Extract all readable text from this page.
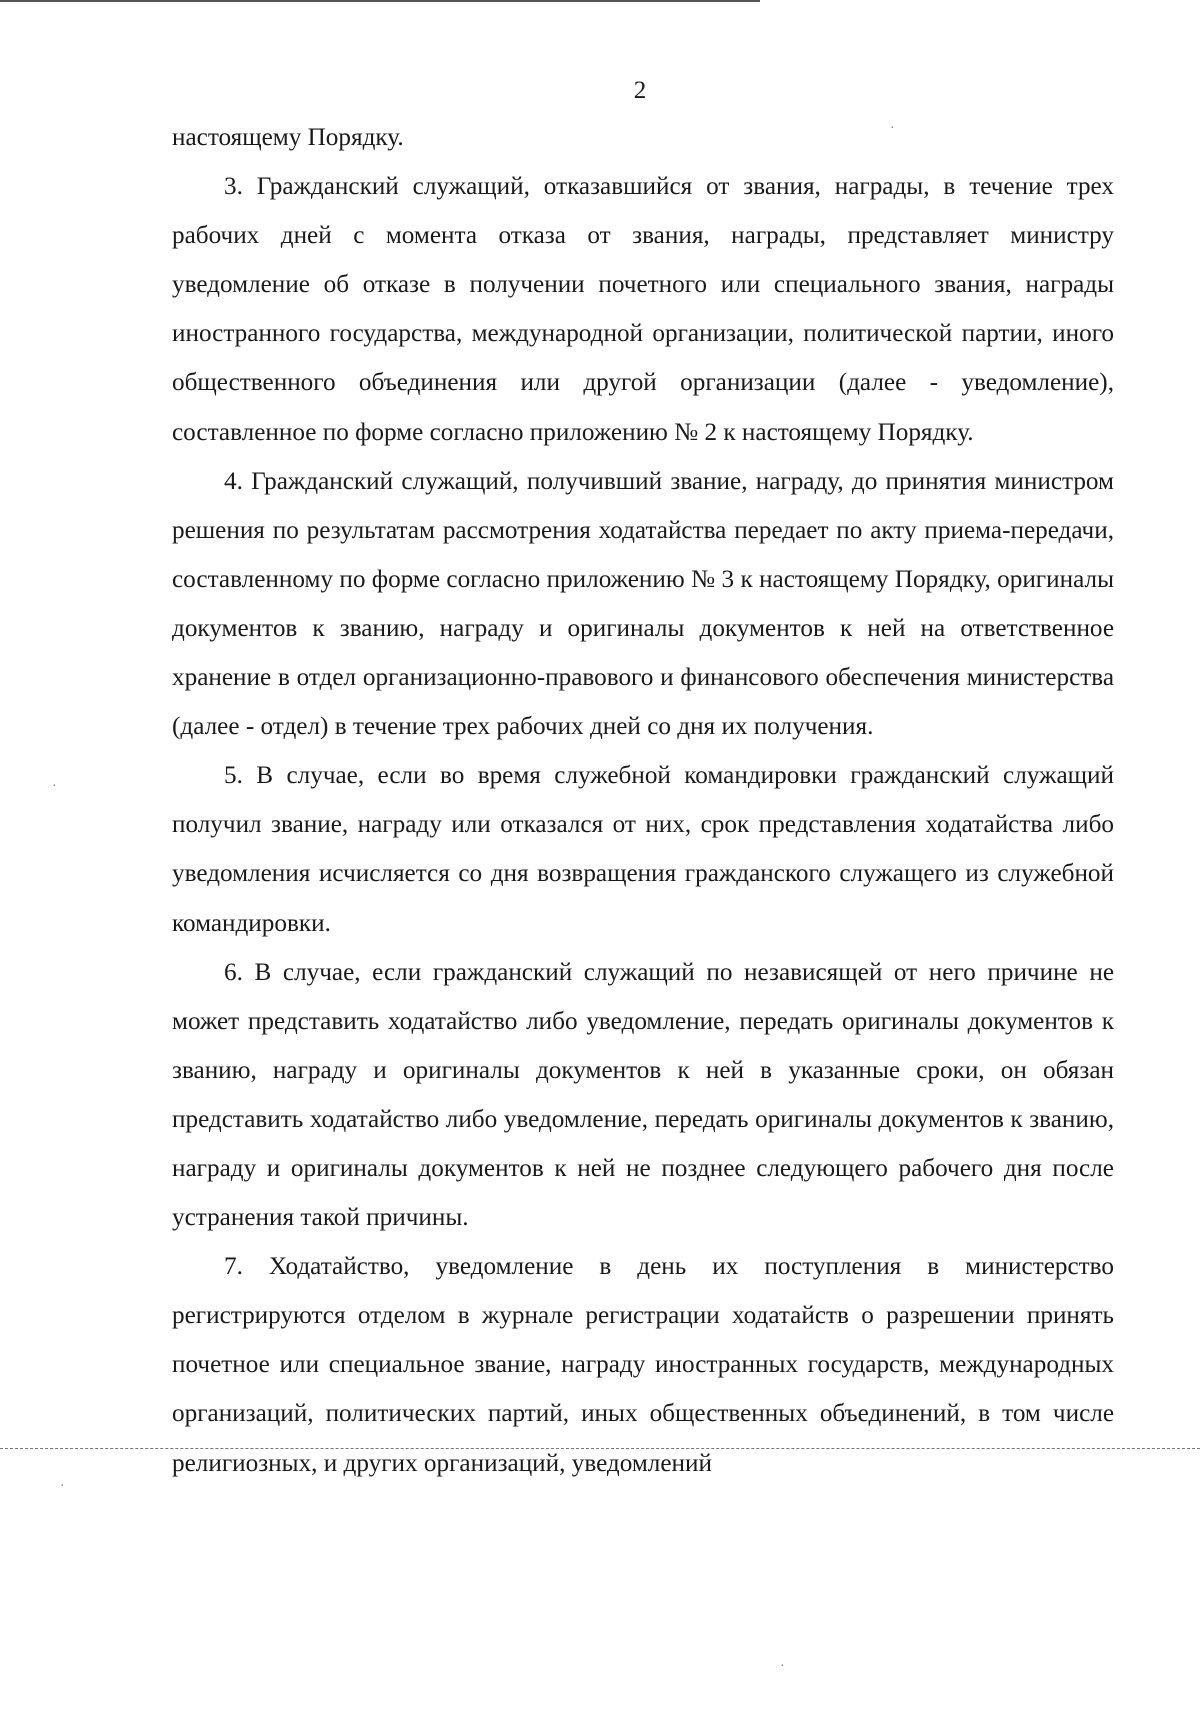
2

настоящему Порядку.

3. Гражданский служащий, отказавшийся от звания, награды, в течение трех рабочих дней с момента отказа от звания, награды, представляет министру уведомление об отказе в получении почетного или специального звания, награды иностранного государства, международной организации, политической партии, иного общественного объединения или другой организации (далее - уведомление), составленное по форме согласно приложению № 2 к настоящему Порядку.

4. Гражданский служащий, получивший звание, награду, до принятия министром решения по результатам рассмотрения ходатайства передает по акту приема-передачи, составленному по форме согласно приложению № 3 к настоящему Порядку, оригиналы документов к званию, награду и оригиналы документов к ней на ответственное хранение в отдел организационно-правового и финансового обеспечения министерства (далее - отдел) в течение трех рабочих дней со дня их получения.

5. В случае, если во время служебной командировки гражданский служащий получил звание, награду или отказался от них, срок представления ходатайства либо уведомления исчисляется со дня возвращения гражданского служащего из служебной командировки.

6. В случае, если гражданский служащий по независящей от него причине не может представить ходатайство либо уведомление, передать оригиналы документов к званию, награду и оригиналы документов к ней в указанные сроки, он обязан представить ходатайство либо уведомление, передать оригиналы документов к званию, награду и оригиналы документов к ней не позднее следующего рабочего дня после устранения такой причины.

7. Ходатайство, уведомление в день их поступления в министерство регистрируются отделом в журнале регистрации ходатайств о разрешении принять почетное или специальное звание, награду иностранных государств, международных организаций, политических партий, иных общественных объединений, в том числе религиозных, и других организаций, уведомлений

·
·
·
·
